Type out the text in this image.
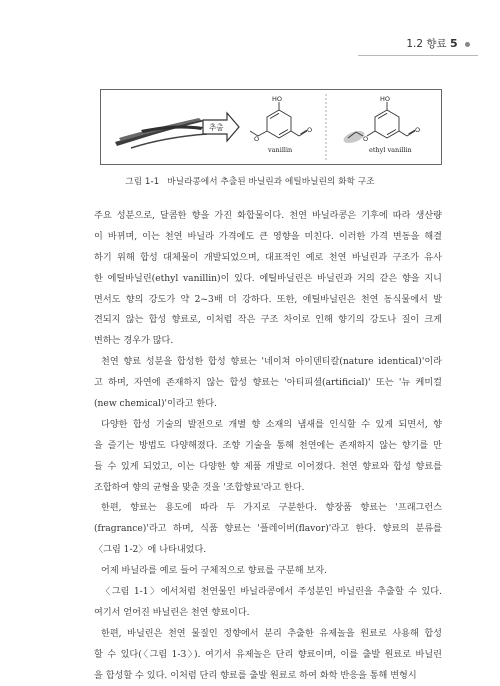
1.2 향료 5
추출
HO
O
O
vanillin
HO
O
O
ethyl vanillin
그림 1-1 바닐라콩에서 추출된 바닐린과 에틸바닐린의 화학 구조
주요 성분으로, 달콤한 향을 가진 화합물이다. 천연 바닐라콩은 기후에 따라 생산량
이 바뀌며, 이는 천연 바닐라 가격에도 큰 영향을 미친다. 이러한 가격 변동을 해결
하기 위해 합성 대체물이 개발되었으며, 대표적인 예로 천연 바닐린과 구조가 유사
한 에틸바닐린(ethyl vanillin)이 있다. 에틸바닐린은 바닐린과 거의 같은 향을 지니
면서도 향의 강도가 약 2~3배 더 강하다. 또한, 에틸바닐린은 천연 동식물에서 발
견되지 않는 합성 향료로, 이처럼 작은 구조 차이로 인해 향기의 강도나 질이 크게
변하는 경우가 많다.
천연 향료 성분을 합성한 합성 향료는 '네이쳐 아이덴티칼(nature identical)'이라
고 하며, 자연에 존재하지 않는 합성 향료는 '아티피셜(artificial)' 또는 '뉴 케미컬
(new chemical)'이라고 한다.
다양한 합성 기술의 발전으로 개별 향 소재의 냄새를 인식할 수 있게 되면서, 향
을 즐기는 방법도 다양해졌다. 조향 기술을 통해 천연에는 존재하지 않는 향기를 만
들 수 있게 되었고, 이는 다양한 향 제품 개발로 이어졌다. 천연 향료와 합성 향료를
조합하여 향의 균형을 맞춘 것을 '조합향료'라고 한다.
한편, 향료는 용도에 따라 두 가지로 구분한다. 향장품 향료는 '프래그런스
(fragrance)'라고 하며, 식품 향료는 '플레이버(flavor)'라고 한다. 향료의 분류를
〈그림 1-2〉에 나타내었다.
어제 바닐라를 예로 들어 구체적으로 향료를 구분해 보자.
〈그림 1-1〉에서처럼 천연물인 바닐라콩에서 주성분인 바닐린을 추출할 수 있다.
여기서 얻어진 바닐린은 천연 향료이다.
한편, 바닐린은 천연 물질인 정향에서 분리 추출한 유제놀을 원료로 사용해 합성
할 수 있다(〈그림 1-3〉). 여기서 유제놀은 단리 향료이며, 이를 출발 원료로 바닐린
을 합성할 수 있다. 이처럼 단리 향료를 출발 원료로 하여 화학 반응을 통해 변형시
